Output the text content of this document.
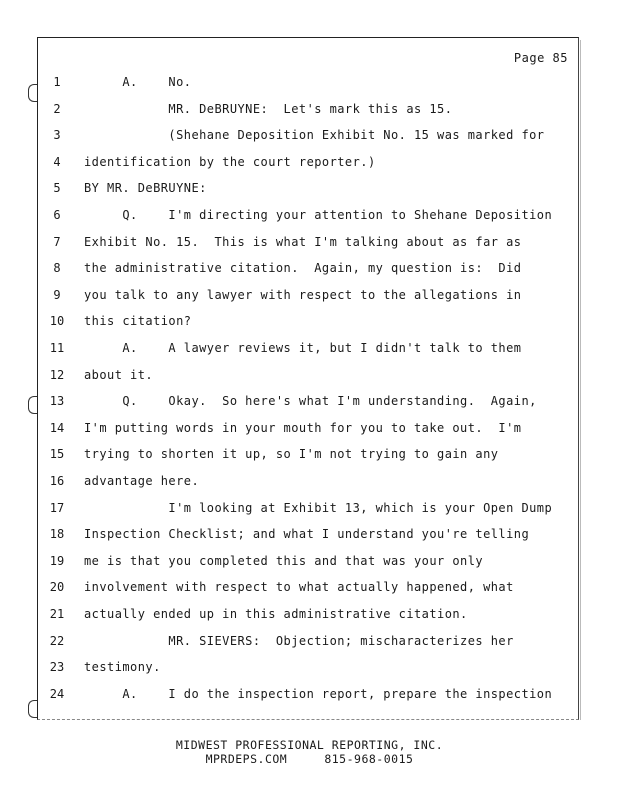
Page 85
1	A.    No.
2	MR. DeBRUYNE:  Let's mark this as 15.
3	(Shehane Deposition Exhibit No. 15 was marked for
4	identification by the court reporter.)
5	BY MR. DeBRUYNE:
6	Q.    I'm directing your attention to Shehane Deposition
7	Exhibit No. 15.  This is what I'm talking about as far as
8	the administrative citation.  Again, my question is:  Did
9	you talk to any lawyer with respect to the allegations in
10	this citation?
11	A.    A lawyer reviews it, but I didn't talk to them
12	about it.
13	Q.    Okay.  So here's what I'm understanding.  Again,
14	I'm putting words in your mouth for you to take out.  I'm
15	trying to shorten it up, so I'm not trying to gain any
16	advantage here.
17	I'm looking at Exhibit 13, which is your Open Dump
18	Inspection Checklist; and what I understand you're telling
19	me is that you completed this and that was your only
20	involvement with respect to what actually happened, what
21	actually ended up in this administrative citation.
22	MR. SIEVERS:  Objection; mischaracterizes her
23	testimony.
24	A.    I do the inspection report, prepare the inspection
MIDWEST PROFESSIONAL REPORTING, INC.
MPRDEPS.COM     815-968-0015
